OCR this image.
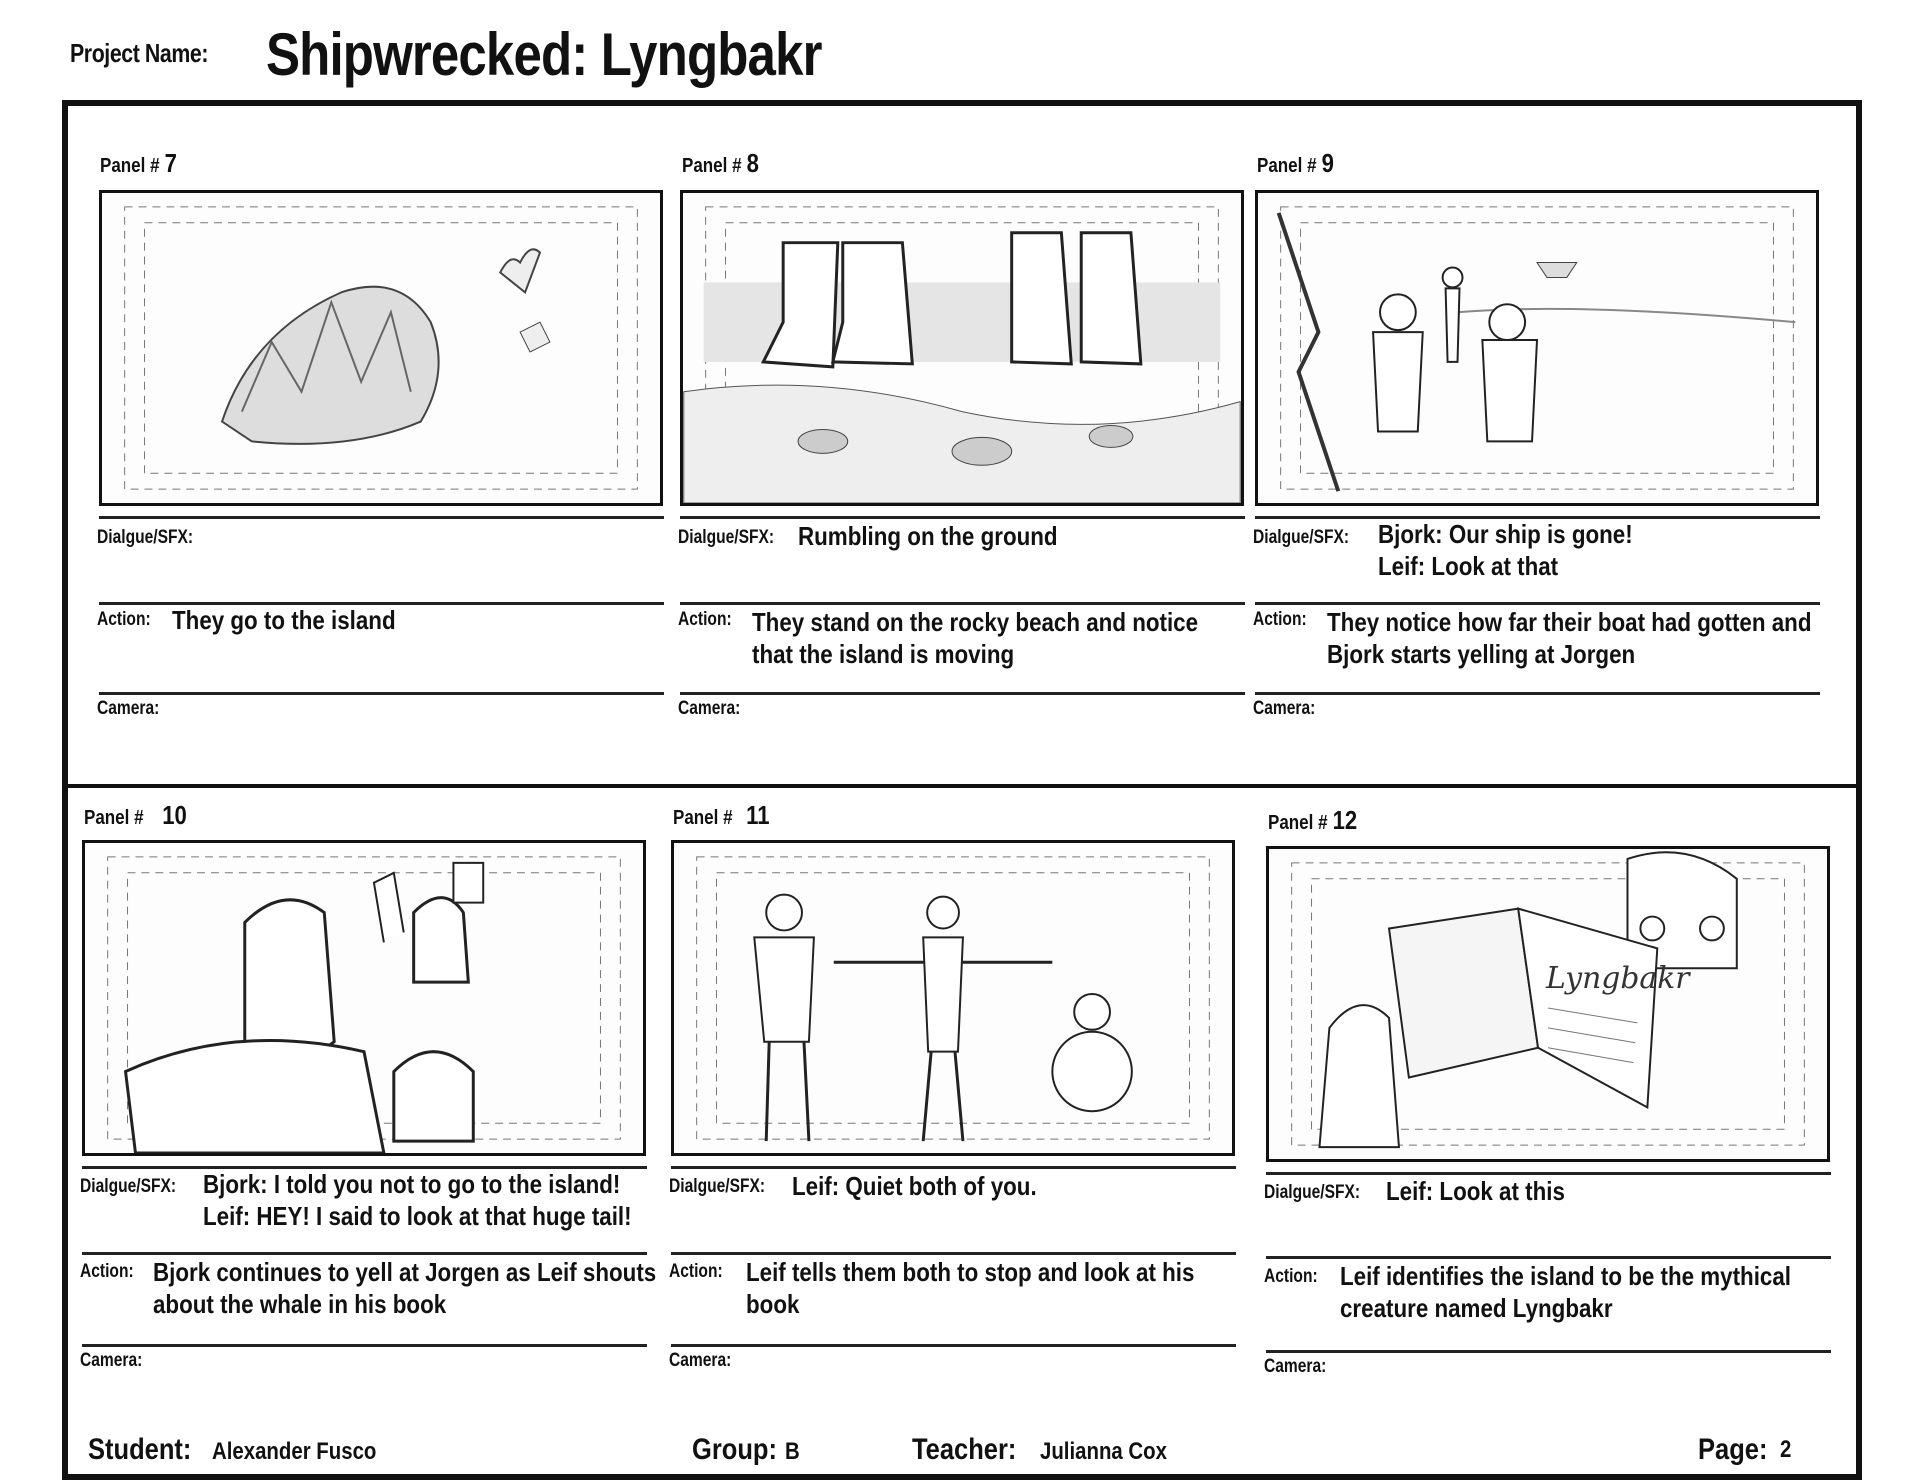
Project Name: Shipwrecked: Lyngbakr
Panel # 7
Dialgue/SFX:
Action: They go to the island
Camera:
Panel # 8
Dialgue/SFX: Rumbling on the ground
Action: They stand on the rocky beach and notice
that the island is moving
Camera:
Panel # 9
Dialgue/SFX: Bjork: Our ship is gone!
Leif: Look at that
Action: They notice how far their boat had gotten and
Bjork starts yelling at Jorgen
Camera:
Panel # 10
Dialgue/SFX: Bjork: I told you not to go to the island!
Leif: HEY! I said to look at that huge tail!
Action: Bjork continues to yell at Jorgen as Leif shouts
about the whale in his book
Camera:
Panel # 11
Dialgue/SFX: Leif: Quiet both of you.
Action: Leif tells them both to stop and look at his
book
Camera:
Panel # 12
Lyngbakr
Dialgue/SFX: Leif: Look at this
Action: Leif identifies the island to be the mythical
creature named Lyngbakr
Camera:
Student: Alexander Fusco	Group: B	Teacher: Julianna Cox	Page: 2
